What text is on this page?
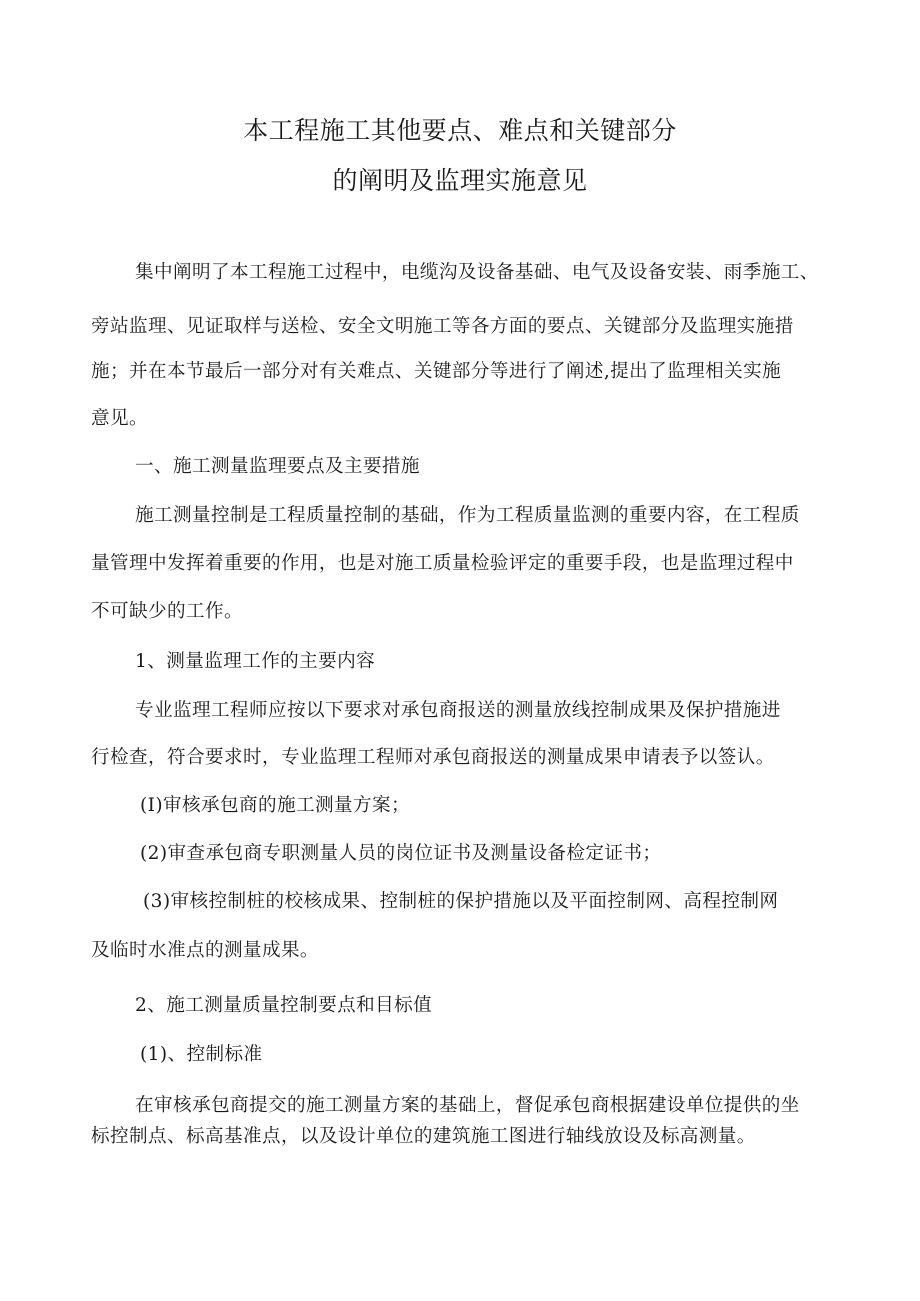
本工程施工其他要点、难点和关键部分
的阐明及监理实施意见
集中阐明了本工程施工过程中，电缆沟及设备基础、电气及设备安装、雨季施工、
旁站监理、见证取样与送检、安全文明施工等各方面的要点、关键部分及监理实施措
施；并在本节最后一部分对有关难点、关键部分等进行了阐述,提出了监理相关实施
意见。
一、施工测量监理要点及主要措施
施工测量控制是工程质量控制的基础，作为工程质量监测的重要内容，在工程质
量管理中发挥着重要的作用，也是对施工质量检验评定的重要手段，也是监理过程中
不可缺少的工作。
1、测量监理工作的主要内容
专业监理工程师应按以下要求对承包商报送的测量放线控制成果及保护措施进
行检查，符合要求时，专业监理工程师对承包商报送的测量成果申请表予以签认。
(I)审核承包商的施工测量方案；
(2)审查承包商专职测量人员的岗位证书及测量设备检定证书；
(3)审核控制桩的校核成果、控制桩的保护措施以及平面控制网、高程控制网
及临时水准点的测量成果。
2、施工测量质量控制要点和目标值
(1)、控制标准
在审核承包商提交的施工测量方案的基础上，督促承包商根据建设单位提供的坐
标控制点、标高基准点，以及设计单位的建筑施工图进行轴线放设及标高测量。
